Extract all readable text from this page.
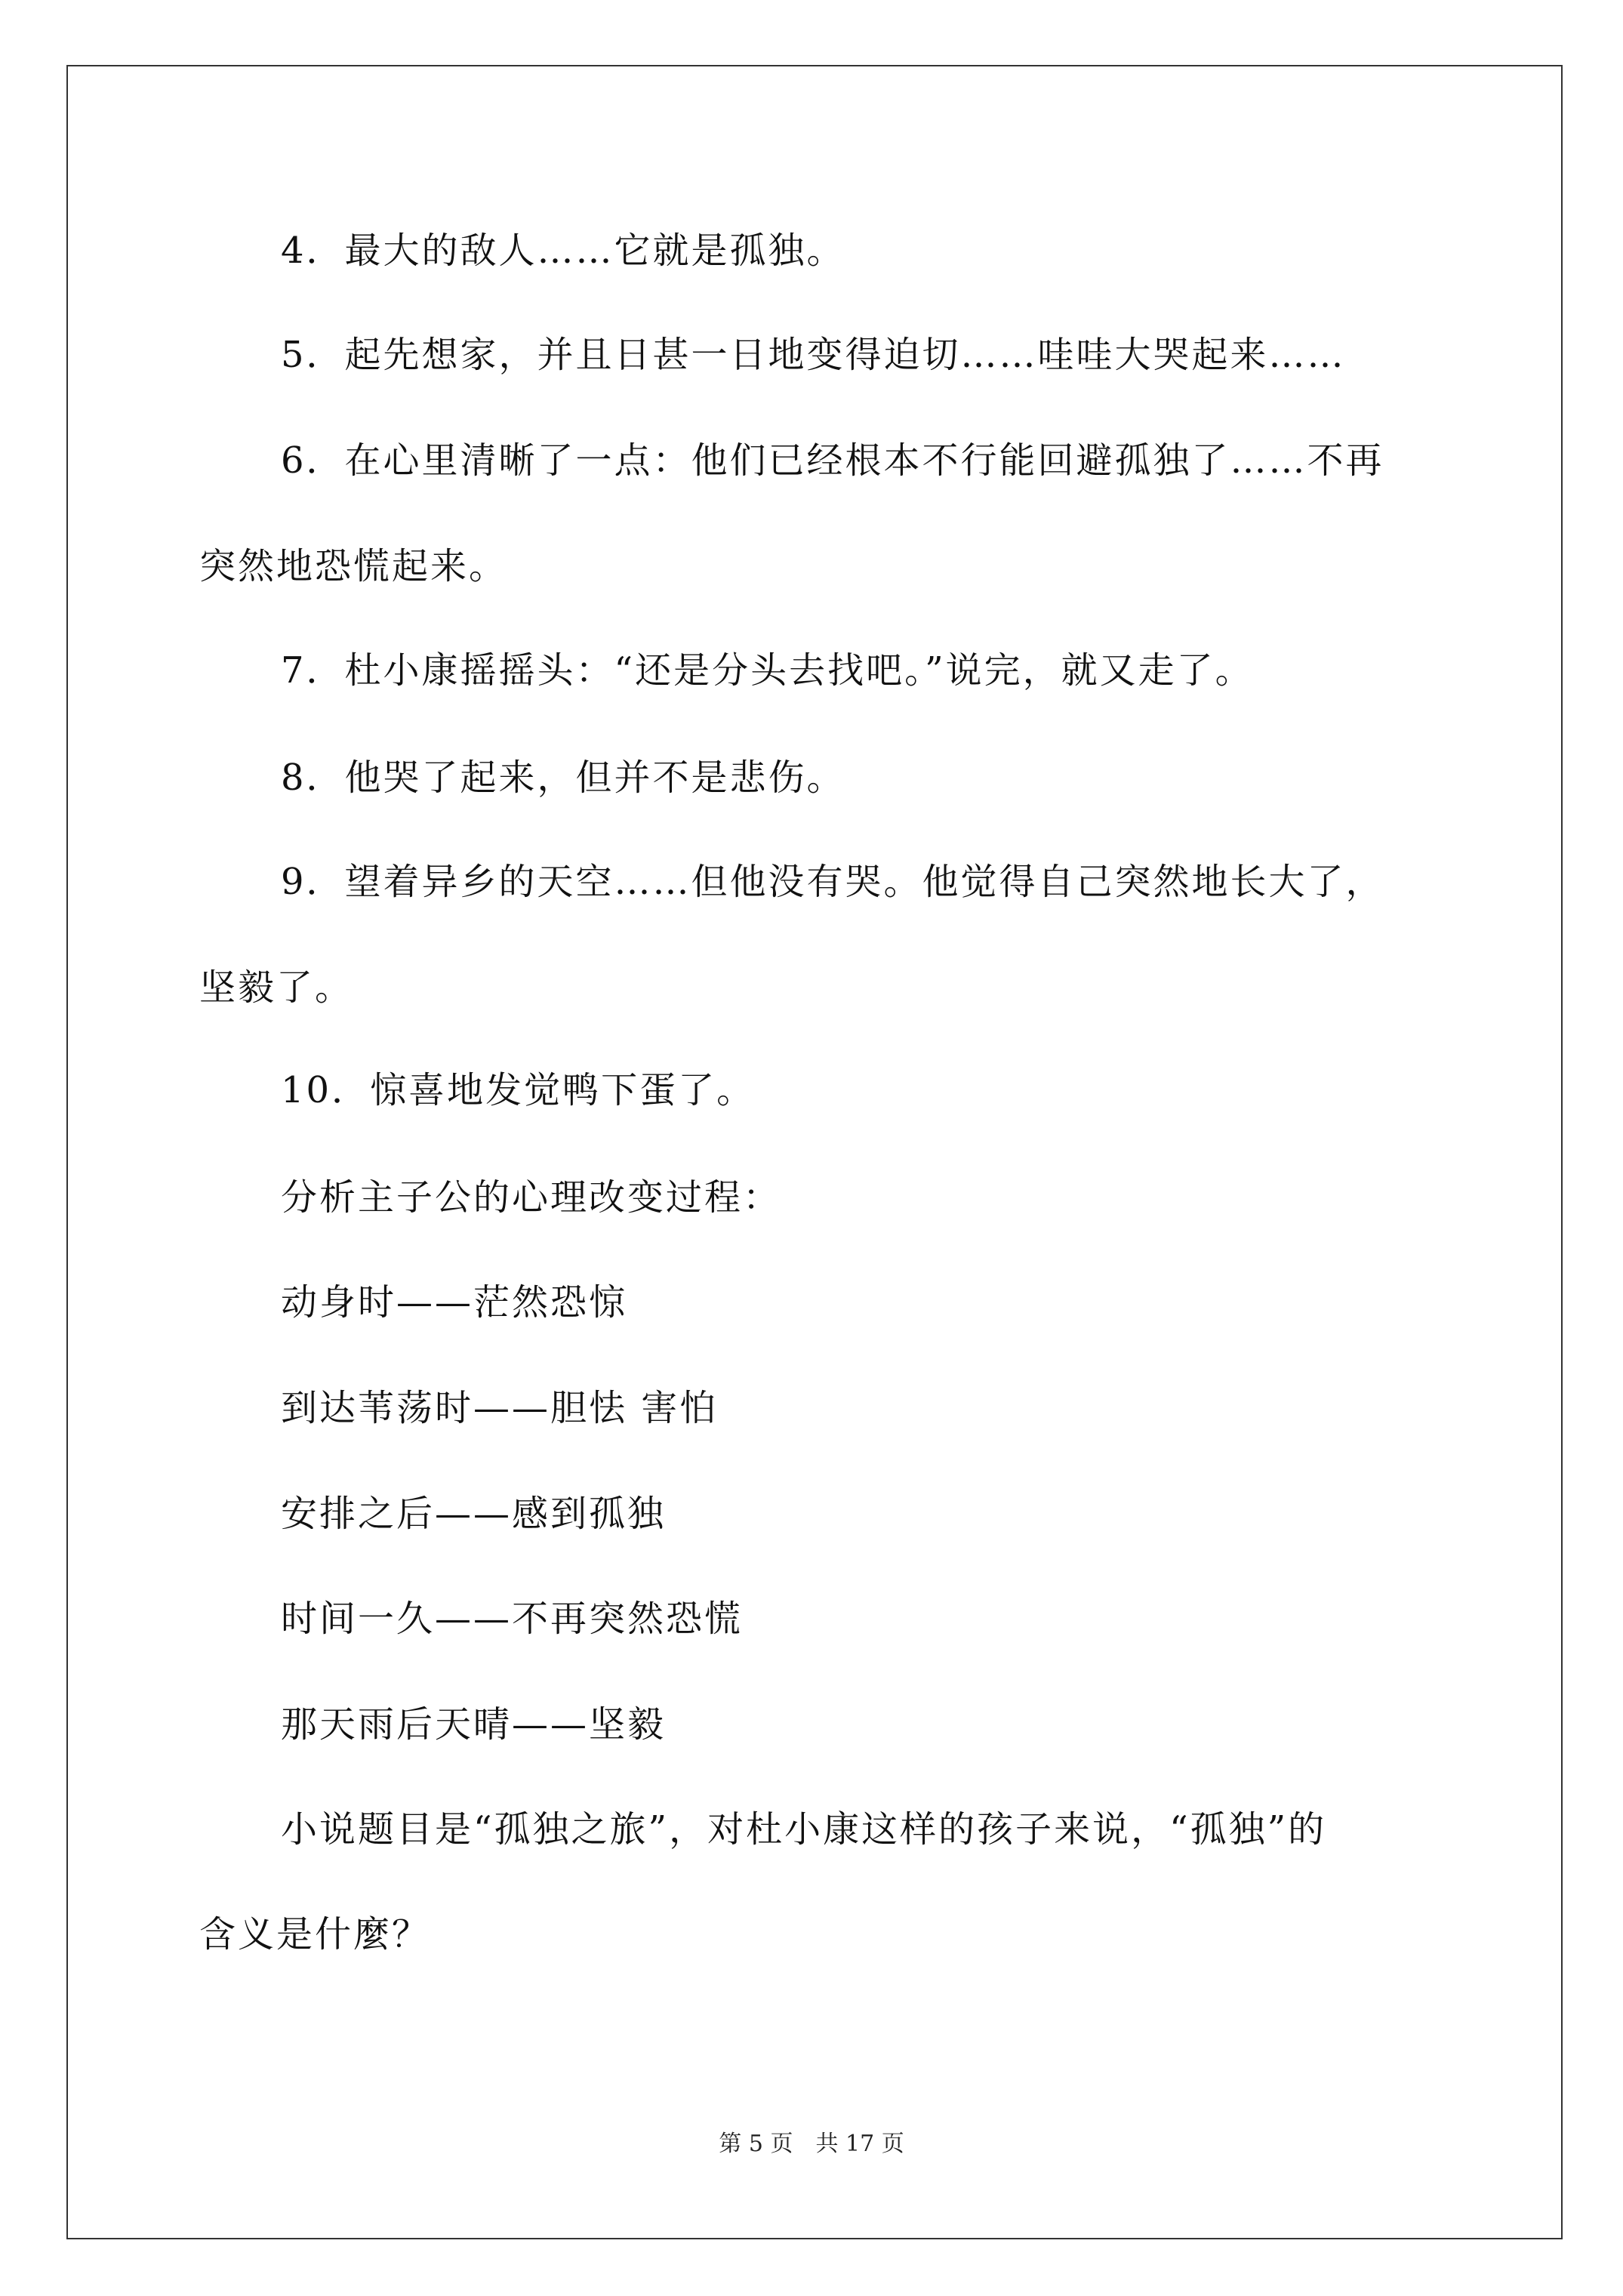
4．最大的敌人……它就是孤独。
5．起先想家，并且日甚一日地变得迫切……哇哇大哭起来……
6．在心里清晰了一点：他们已经根本不行能回避孤独了……不再
突然地恐慌起来。
7．杜小康摇摇头：“还是分头去找吧。”说完，就又走了。
8．他哭了起来，但并不是悲伤。
9．望着异乡的天空……但他没有哭。他觉得自己突然地长大了，
坚毅了。
10．惊喜地发觉鸭下蛋了。
分析主子公的心理改变过程：
动身时——茫然恐惊
到达苇荡时——胆怯 害怕
安排之后——感到孤独
时间一久——不再突然恐慌
那天雨后天晴——坚毅
小说题目是“孤独之旅”，对杜小康这样的孩子来说，“孤独”的
含义是什麼？
第 5 页　共 17 页
